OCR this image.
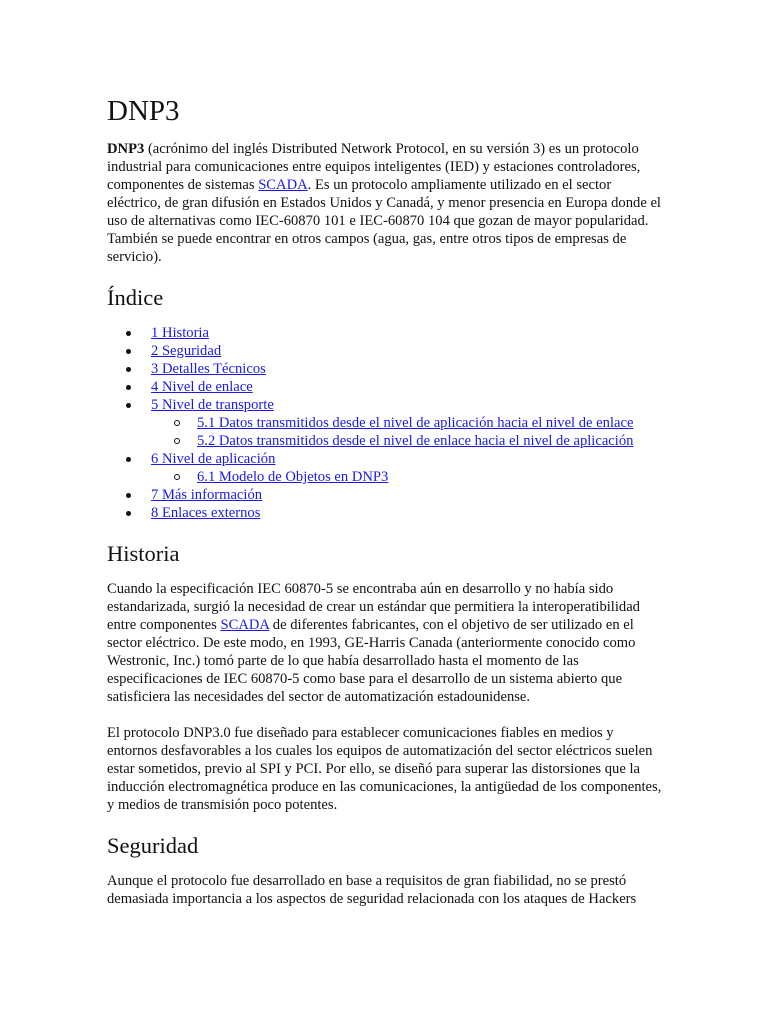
DNP3

DNP3 (acrónimo del inglés Distributed Network Protocol, en su versión 3) es un protocolo industrial para comunicaciones entre equipos inteligentes (IED) y estaciones controladores, componentes de sistemas SCADA. Es un protocolo ampliamente utilizado en el sector eléctrico, de gran difusión en Estados Unidos y Canadá, y menor presencia en Europa donde el uso de alternativas como IEC-60870 101 e IEC-60870 104 que gozan de mayor popularidad. También se puede encontrar en otros campos (agua, gas, entre otros tipos de empresas de servicio).

Índice
1 Historia
2 Seguridad
3 Detalles Técnicos
4 Nivel de enlace
5 Nivel de transporte
5.1 Datos transmitidos desde el nivel de aplicación hacia el nivel de enlace
5.2 Datos transmitidos desde el nivel de enlace hacia el nivel de aplicación
6 Nivel de aplicación
6.1 Modelo de Objetos en DNP3
7 Más información
8 Enlaces externos
Historia

Cuando la especificación IEC 60870-5 se encontraba aún en desarrollo y no había sido estandarizada, surgió la necesidad de crear un estándar que permitiera la interoperatibilidad entre componentes SCADA de diferentes fabricantes, con el objetivo de ser utilizado en el sector eléctrico. De este modo, en 1993, GE-Harris Canada (anteriormente conocido como Westronic, Inc.) tomó parte de lo que había desarrollado hasta el momento de las especificaciones de IEC 60870-5 como base para el desarrollo de un sistema abierto que satisficiera las necesidades del sector de automatización estadounidense.

El protocolo DNP3.0 fue diseñado para establecer comunicaciones fiables en medios y entornos desfavorables a los cuales los equipos de automatización del sector eléctricos suelen estar sometidos, previo al SPI y PCI. Por ello, se diseñó para superar las distorsiones que la inducción electromagnética produce en las comunicaciones, la antigüedad de los componentes, y medios de transmisión poco potentes.

Seguridad

Aunque el protocolo fue desarrollado en base a requisitos de gran fiabilidad, no se prestó demasiada importancia a los aspectos de seguridad relacionada con los ataques de Hackers
